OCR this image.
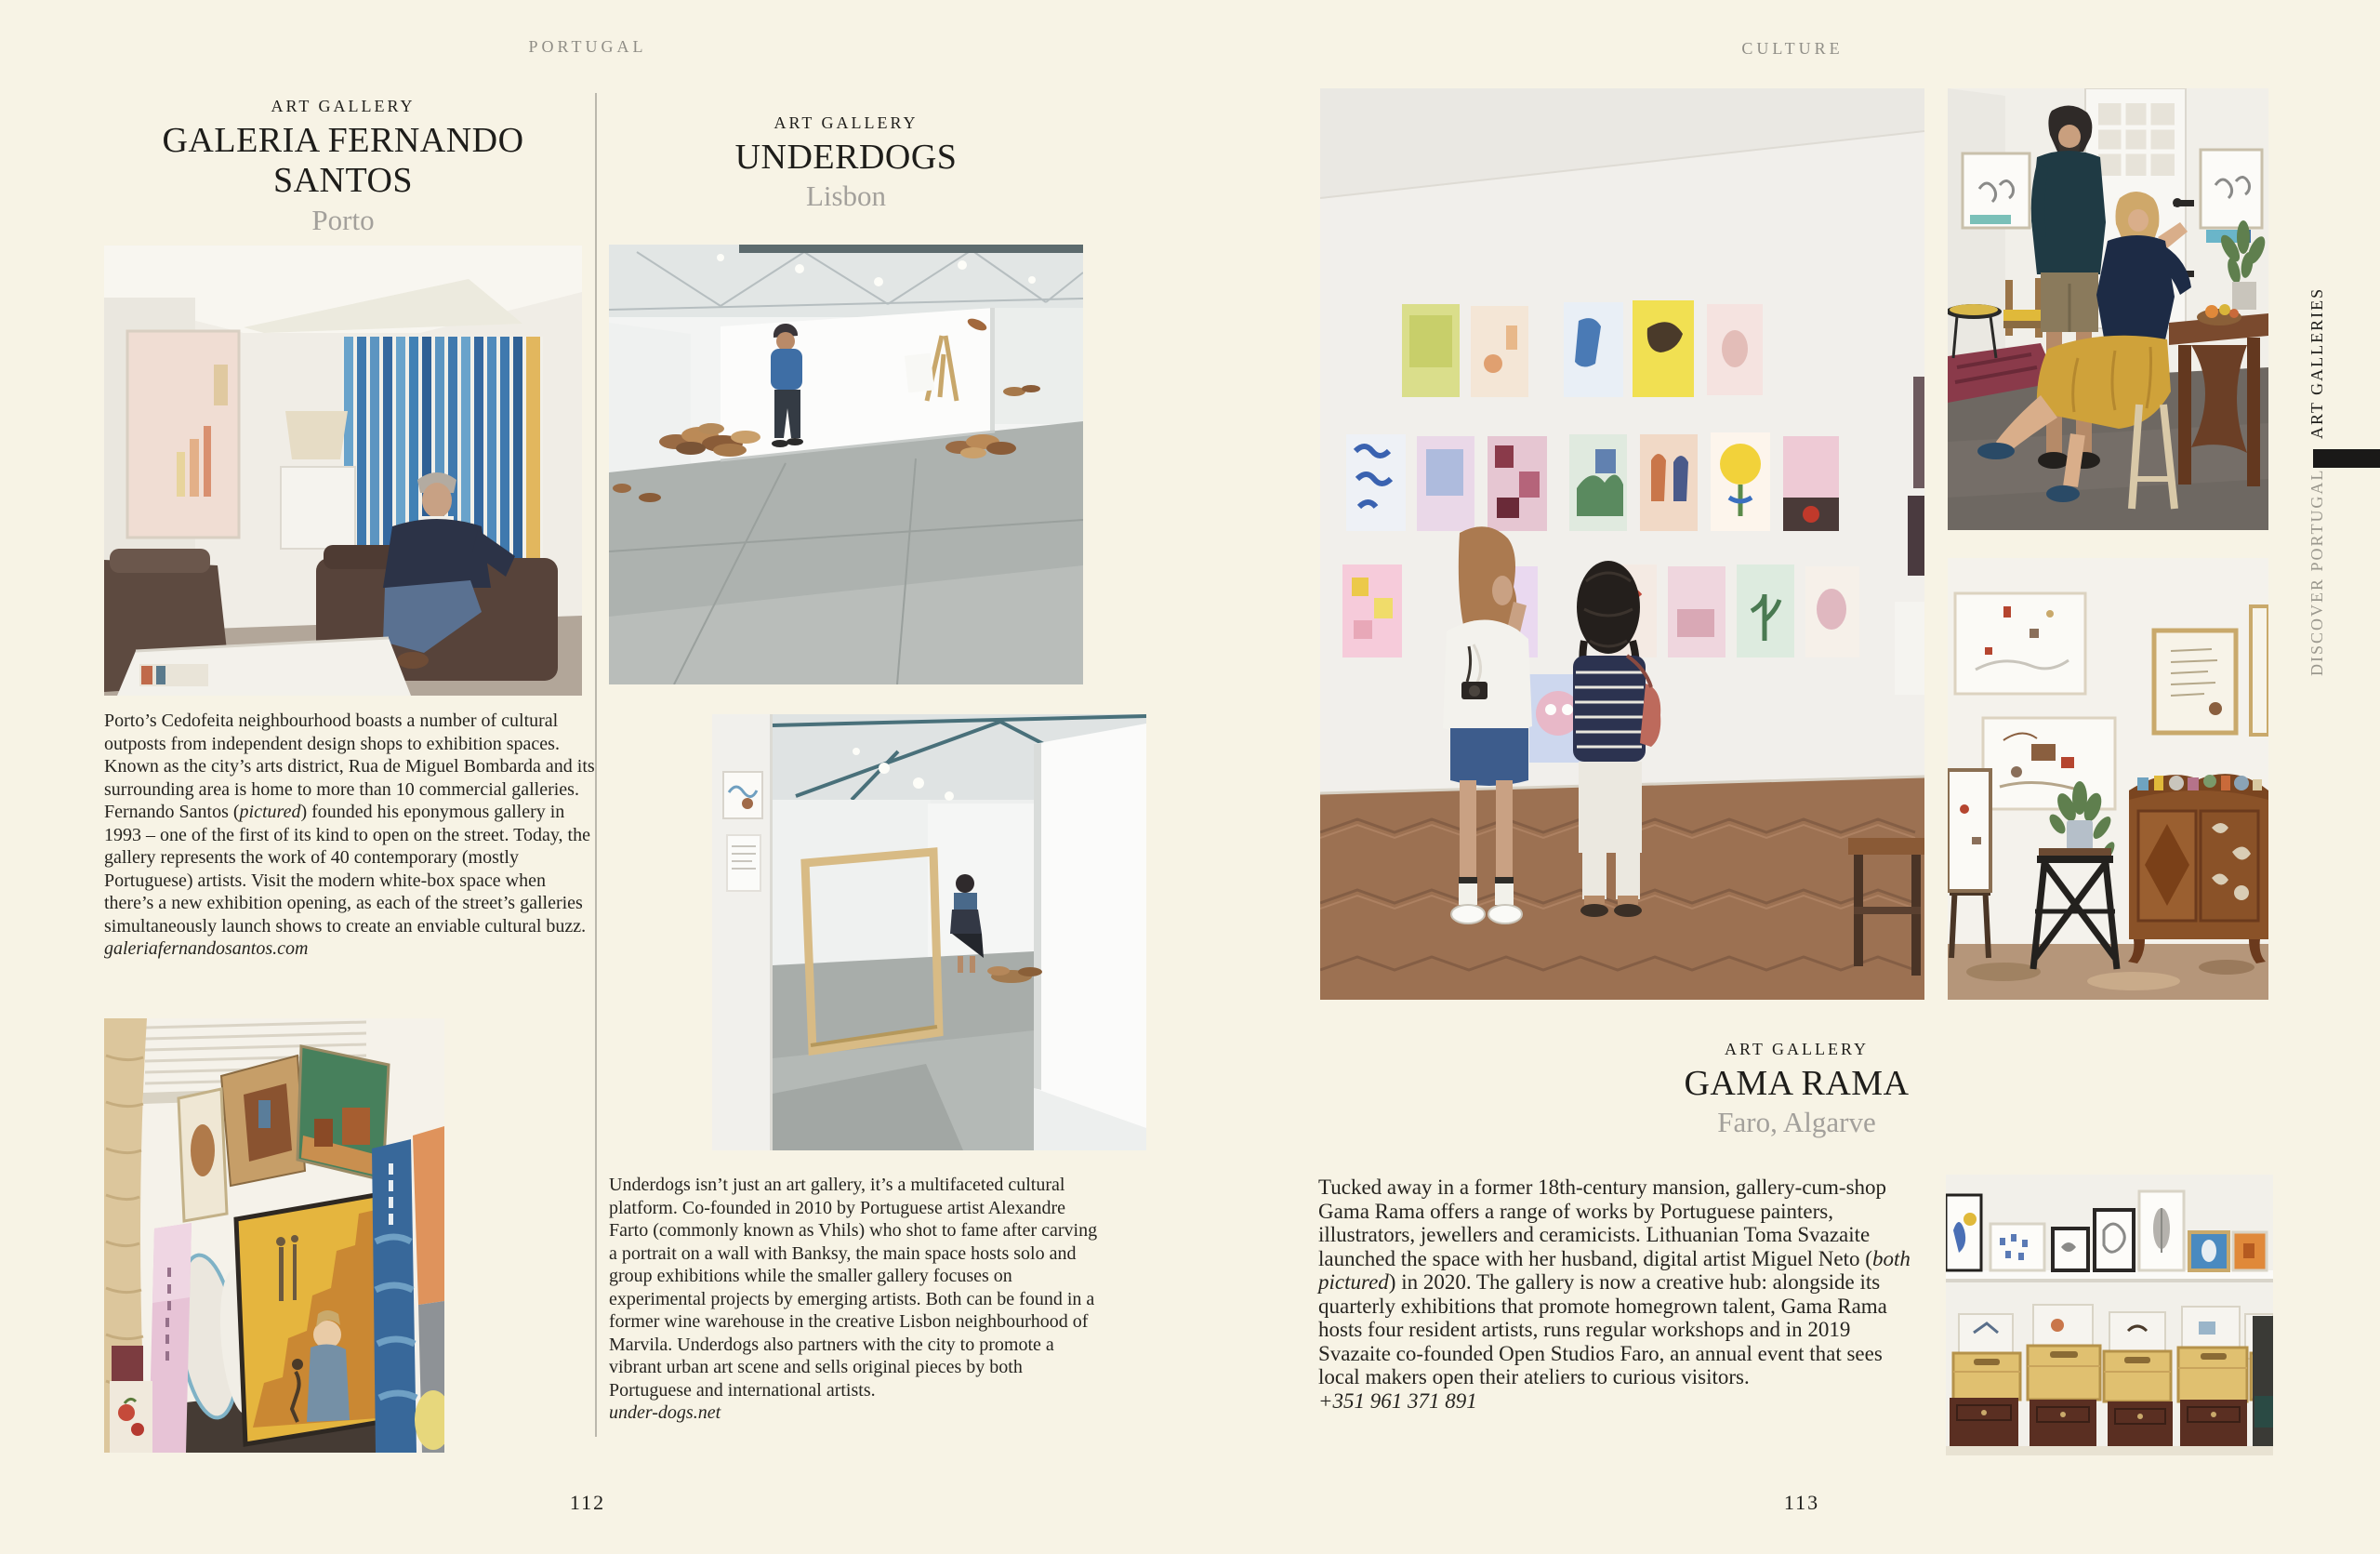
PORTUGAL	CULTURE
ART GALLERY
GALERIA FERNANDO SANTOS
Porto

Porto’s Cedofeita neighbourhood boasts a number of cultural outposts from independent design shops to exhibition spaces. Known as the city’s arts district, Rua de Miguel Bombarda and its surrounding area is home to more than 10 commercial galleries. Fernando Santos (pictured) founded his eponymous gallery in 1993 – one of the first of its kind to open on the street. Today, the gallery represents the work of 40 contemporary (mostly Portuguese) artists. Visit the modern white-box space when there’s a new exhibition opening, as each of the street’s galleries simultaneously launch shows to create an enviable cultural buzz.

galeriafernandosantos.com
ART GALLERY
UNDERDOGS
Lisbon

Underdogs isn’t just an art gallery, it’s a multifaceted cultural platform. Co-founded in 2010 by Portuguese artist Alexandre Farto (commonly known as Vhils) who shot to fame after carving a portrait on a wall with Banksy, the main space hosts solo and group exhibitions while the smaller gallery focuses on experimental projects by emerging artists. Both can be found in a former wine warehouse in the creative Lisbon neighbourhood of Marvila. Underdogs also partners with the city to promote a vibrant urban art scene and sells original pieces by both Portuguese and international artists.

under-dogs.net
112
ART GALLERY
GAMA RAMA
Faro, Algarve

Tucked away in a former 18th-century mansion, gallery-cum-shop Gama Rama offers a range of works by Portuguese painters, illustrators, jewellers and ceramicists. Lithuanian Toma Svazaite launched the space with her husband, digital artist Miguel Neto (both pictured) in 2020. The gallery is now a creative hub: alongside its quarterly exhibitions that promote homegrown talent, Gama Rama hosts four resident artists, runs regular workshops and in 2019 Svazaite co-founded Open Studios Faro, an annual event that sees local makers open their ateliers to curious visitors.

+351 961 371 891
113
ART GALLERIES
DISCOVER PORTUGAL
